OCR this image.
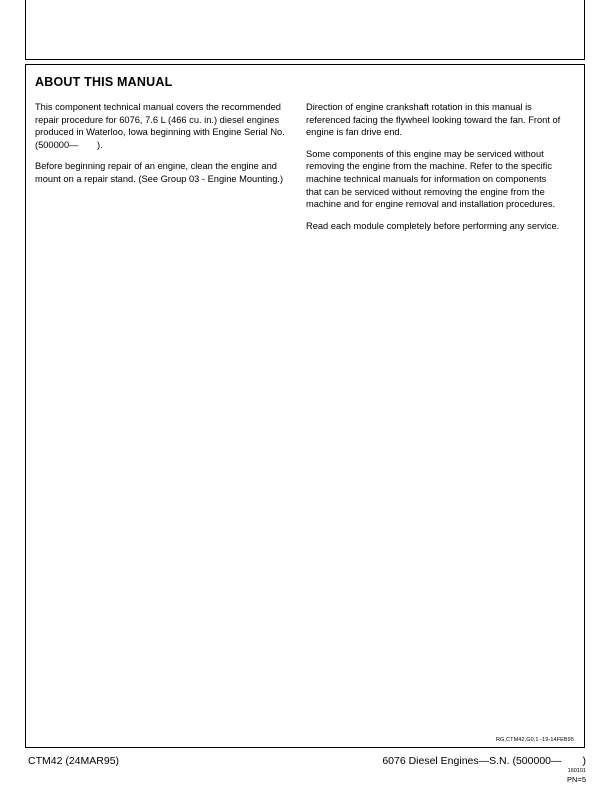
ABOUT THIS MANUAL

This component technical manual covers the recommended repair procedure for 6076, 7.6 L (466 cu. in.) diesel engines produced in Waterloo, Iowa beginning with Engine Serial No. (500000—  ).

Before beginning repair of an engine, clean the engine and mount on a repair stand. (See Group 03 - Engine Mounting.)

Direction of engine crankshaft rotation in this manual is referenced facing the flywheel looking toward the fan. Front of engine is fan drive end.

Some components of this engine may be serviced without removing the engine from the machine. Refer to the specific machine technical manuals for information on components that can be serviced without removing the engine from the machine and for engine removal and installation procedures.

Read each module completely before performing any service.

RG,CTM42,G0,1 -19-14FEB95
CTM42 (24MAR95)	6076 Diesel Engines—S.N. (500000—  )
160101
PN=5
